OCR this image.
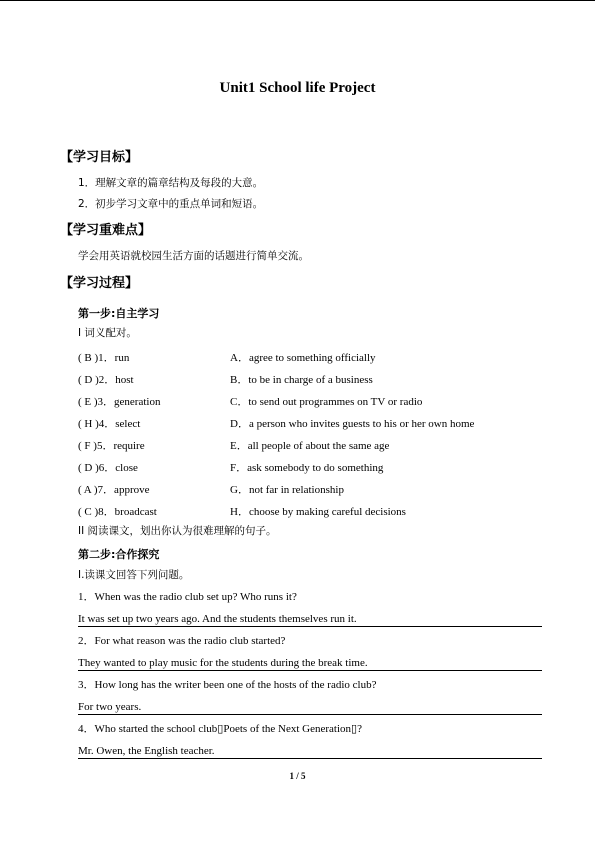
Unit1 School life Project
【学习目标】
1．理解文章的篇章结构及每段的大意。
2．初步学习文章中的重点单词和短语。
【学习重难点】
学会用英语就校园生活方面的话题进行简单交流。
【学习过程】
第一步:自主学习
I 词义配对。
( B )1．run	A．agree to something officially
( D )2．host	B．to be in charge of a business
( E )3．generation	C．to send out programmes on TV or radio
( H )4．select	D．a person who invites guests to his or her own home
( F )5．require	E．all people of about the same age
( D )6．close	F．ask somebody to do something
( A )7．approve	G．not far in relationship
( C )8．broadcast	H．choose by making careful decisions
II 阅读课文，划出你认为很难理解的句子。
第二步:合作探究
Ⅰ.读课文回答下列问题。
1．When was the radio club set up? Who runs it?
It was set up two years ago. And the students themselves run it.
2．For what reason was the radio club started?
They wanted to play music for the students during the break time.
3．How long has the writer been one of the hosts of the radio club?
For two years.
4．Who started the school club▯Poets of the Next Generation▯?
Mr. Owen, the English teacher.
1 / 5
